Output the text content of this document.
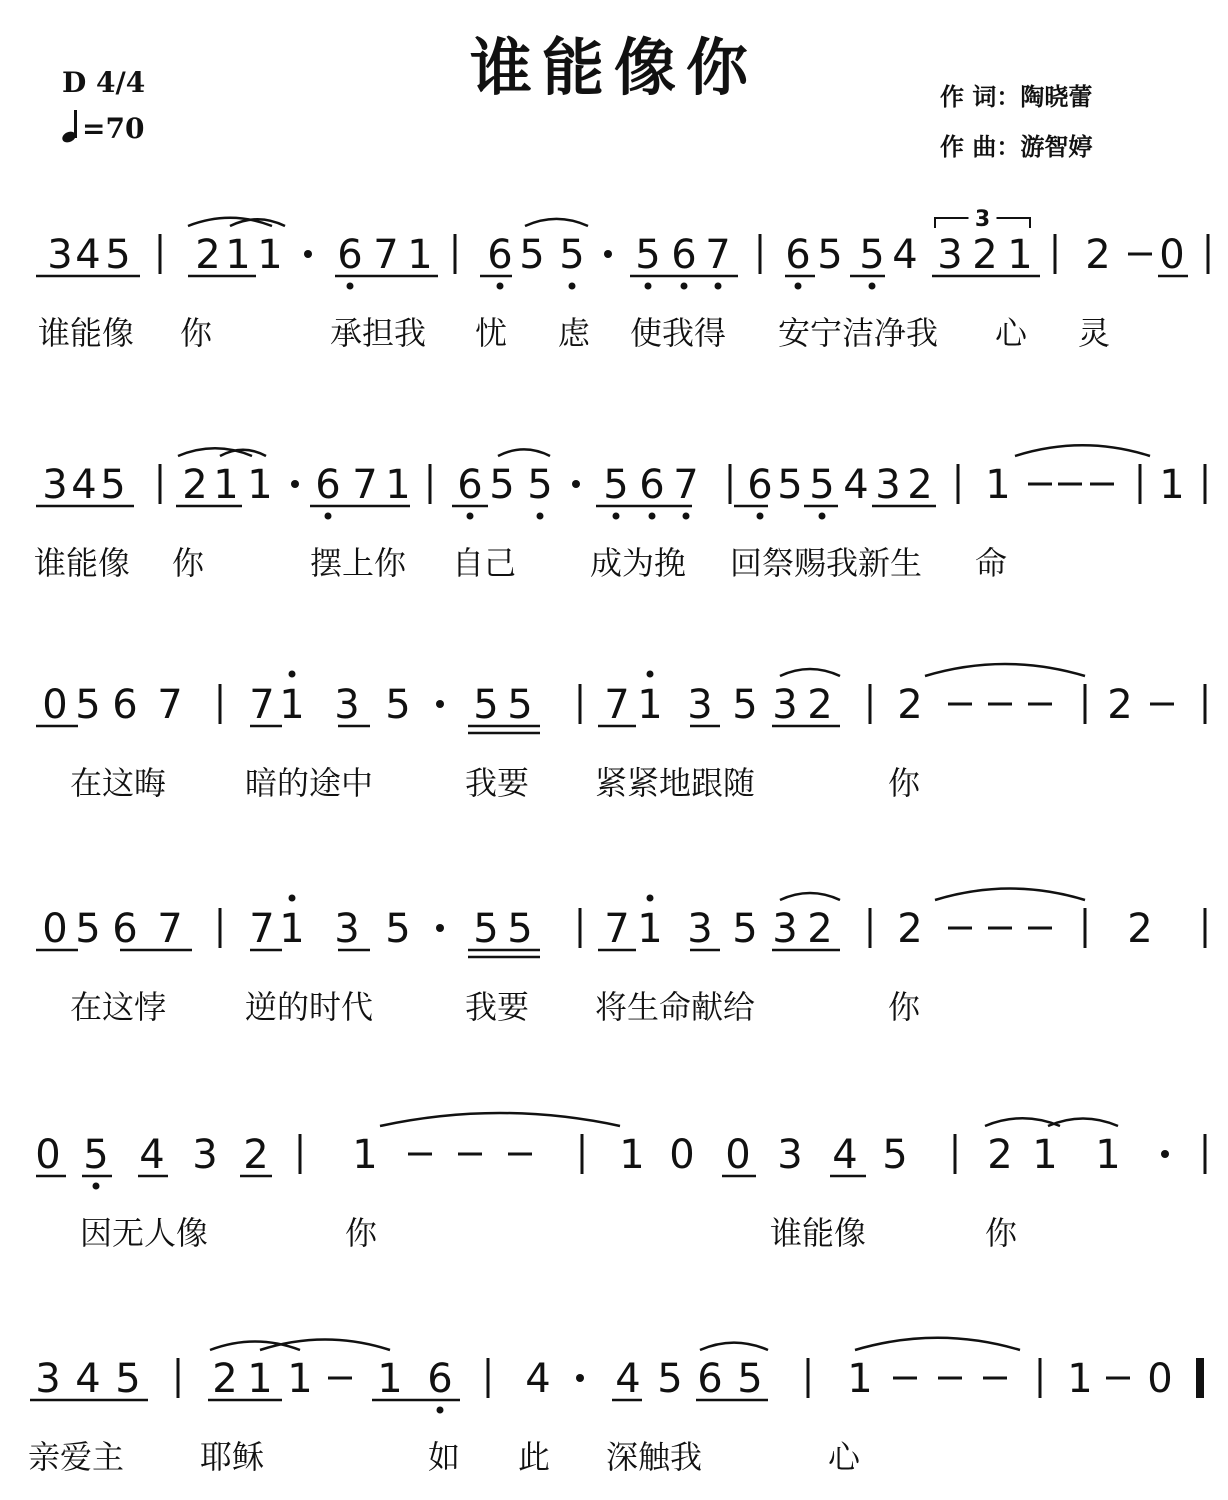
谁能像你
D 4/4
=70
作 词：陶晓蕾
作 曲：游智婷
3 4 5 2 1 1 6 7 1 6 5 5 5 6 7 6 5 5 4 3 2 1 2 0
3
3 4 5 2 1 1 6 7 1 6 5 5 5 6 7 6 5 5 4 3 2 1	1
0 5 6 7 7 1 3 5 5 5 7 1 3 5 3 2 2	2
0 5 6 7 7 1 3 5 5 5 7 1 3 5 3 2 2	2
0 5 4 3 2 1	1 0 0 3 4 5 2 1 1
3 4 5 2 1 1 1 6 4 4 5 6 5 1	1 0
谁能像 你	承担我 忧 虑 使我得 安宁洁净我 心 灵
谁能像 你	摆上你 自己 成为挽 回祭赐我新生 命
在这晦 暗的途中	我要 紧紧地跟随	你
在这悖 逆的时代	我要 将生命献给	你
因无人像	你	谁能像	你
亲爱主 耶稣	如 此 深触我	心
